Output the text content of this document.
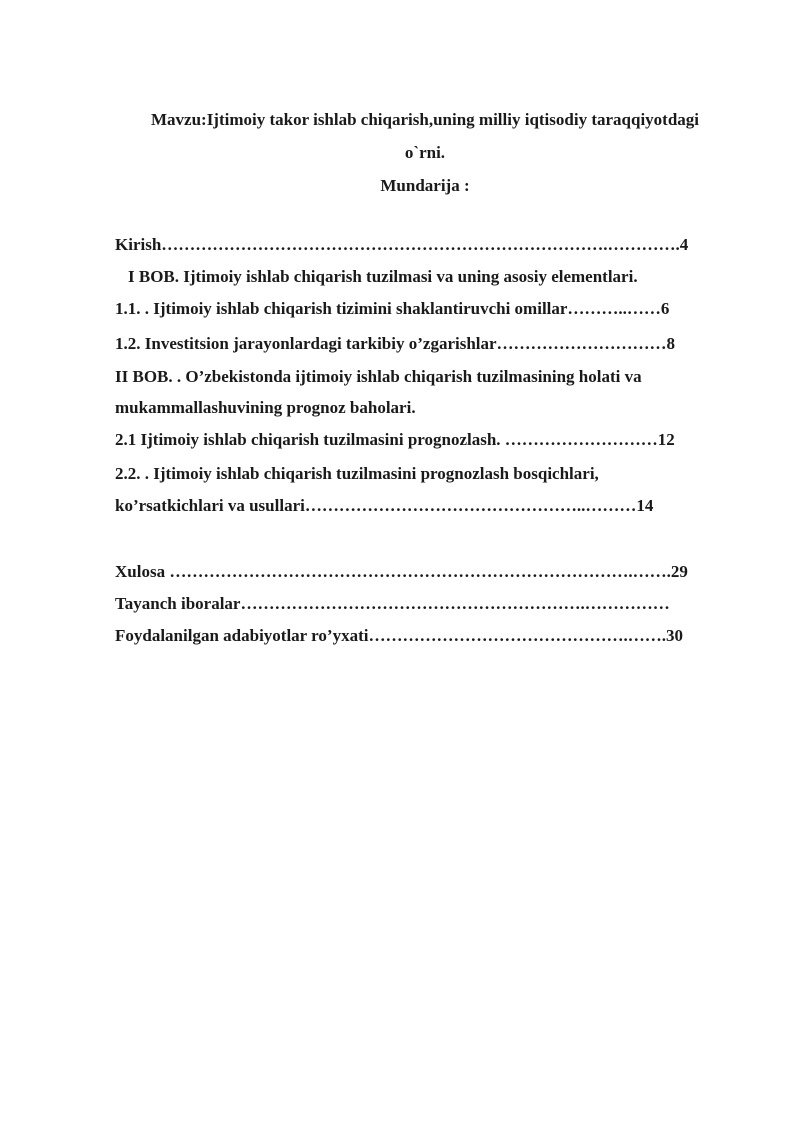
Mavzu:Ijtimoiy takor ishlab chiqarish,uning milliy iqtisodiy taraqqiyotdagi
o`rni.
Mundarija :
Kirish…………………………………………………………………….………….4
I BOB. Ijtimoiy ishlab chiqarish tuzilmasi va uning asosiy elementlari.
1.1. . Ijtimoiy ishlab chiqarish tizimini shaklantiruvchi omillar………..……6
1.2. Investitsion jarayonlardagi tarkibiy o’zgarishlar…………………………8
II BOB. . O’zbekistonda ijtimoiy ishlab chiqarish tuzilmasining holati va
mukammallashuvining prognoz baholari.
2.1 Ijtimoiy ishlab chiqarish tuzilmasini prognozlash. ………………………12
2.2. . Ijtimoiy ishlab chiqarish tuzilmasini prognozlash bosqichlari,
ko’rsatkichlari va usullari…………………………………………..………14
Xulosa ……………………………………………………………………….…….29
Tayanch iboralar…………………………………………………….……………
Foydalanilgan adabiyotlar ro’yxati……………………………………….…….30
